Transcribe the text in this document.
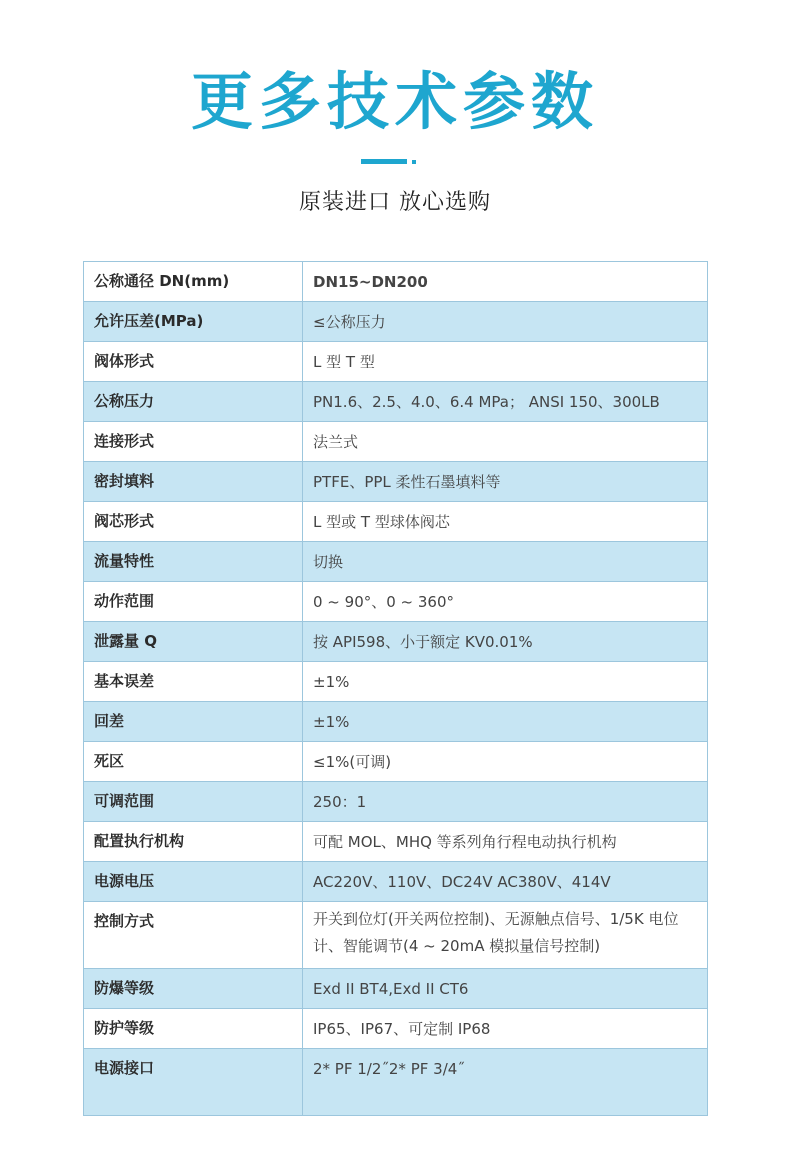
更多技术参数
原装进口 放心选购
公称通径 DN(mm)	DN15~DN200
允许压差(MPa)	≤公称压力
阀体形式	L 型 T 型
公称压力	PN1.6、2.5、4.0、6.4 MPa； ANSI 150、300LB
连接形式	法兰式
密封填料	PTFE、PPL 柔性石墨填料等
阀芯形式	L 型或 T 型球体阀芯
流量特性	切换
动作范围	0 ~ 90°、0 ~ 360°
泄露量 Q	按 API598、小于额定 KV0.01%
基本误差	±1%
回差	±1%
死区	≤1%(可调)
可调范围	250：1
配置执行机构	可配 MOL、MHQ 等系列角行程电动执行机构
电源电压	AC220V、110V、DC24V AC380V、414V
控制方式	开关到位灯(开关两位控制)、无源触点信号、1/5K 电位计、智能调节(4 ~ 20mA 模拟量信号控制)
防爆等级	Exd II BT4,Exd II CT6
防护等级	IP65、IP67、可定制 IP68
电源接口	2* PF 1/2˝2* PF 3/4˝
